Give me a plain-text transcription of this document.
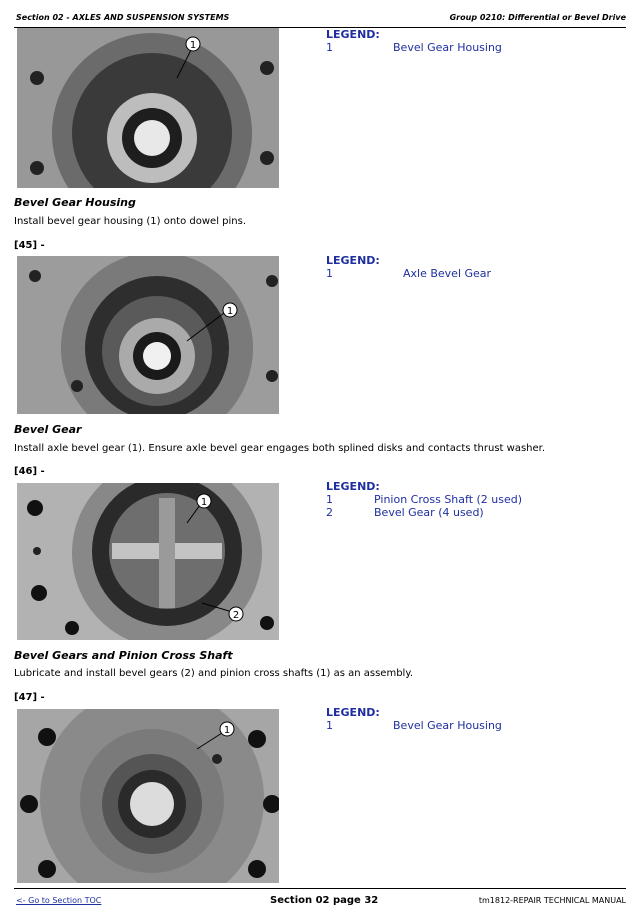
Section 02 - AXLES AND SUSPENSION SYSTEMS	Group 0210: Differential or Bevel Drive
1
LEGEND:
1	Bevel Gear Housing
Bevel Gear Housing
Install bevel gear housing (1) onto dowel pins.
[45] -
1
LEGEND:
1	Axle Bevel Gear
Bevel Gear
Install axle bevel gear (1). Ensure axle bevel gear engages both splined disks and contacts thrust washer.
[46] -
1
2
LEGEND:
1	Pinion Cross Shaft (2 used)
2	Bevel Gear (4 used)
Bevel Gears and Pinion Cross Shaft
Lubricate and install bevel gears (2) and pinion cross shafts (1) as an assembly.
[47] -
1
LEGEND:
1	Bevel Gear Housing
<- Go to Section TOC	Section 02 page 32	tm1812-REPAIR TECHNICAL MANUAL
